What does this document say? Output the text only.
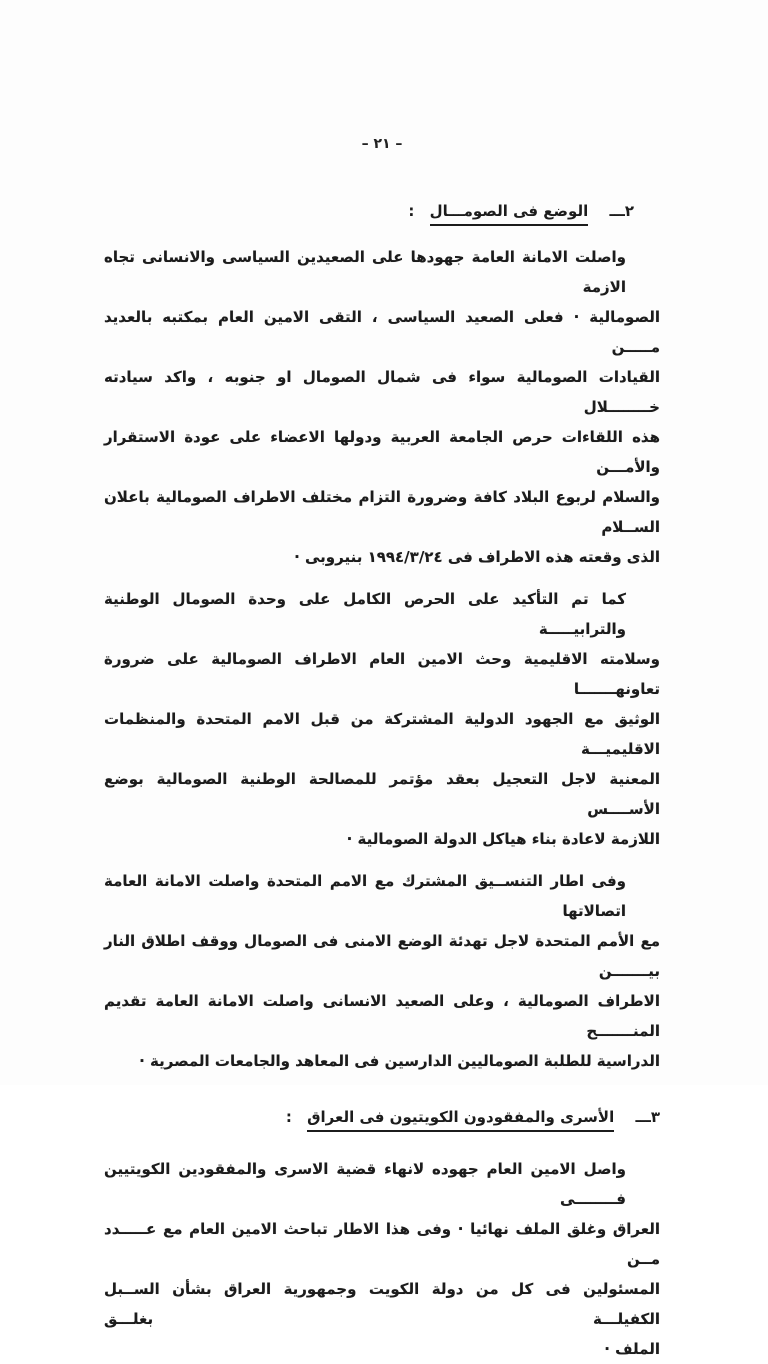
– ٢١ –
٢ـــ الوضع فى الصومـــال :
واصلت الامانة العامة جهودها على الصعيدين السياسى والانسانى تجاه الازمة
الصومالية · فعلى الصعيد السياسى ، التقى الامين العام بمكتبه بالعديد مـــــن
القيادات الصومالية سواء فى شمال الصومال او جنوبه ، واكد سيادته خــــــــلال
هذه اللقاءات حرص الجامعة العربية ودولها الاعضاء على عودة الاستقرار والأمـــن
والسلام لربوع البلاد كافة وضرورة التزام مختلف الاطراف الصومالية باعلان الســلام
الذى وقعته هذه الاطراف فى ١٩٩٤/٣/٢٤ بنيروبى ·
كما تم التأكيد على الحرص الكامل على وحدة الصومال الوطنية والترابيـــــة
وسلامته الاقليمية وحث الامين العام الاطراف الصومالية على ضرورة تعاونهـــــــا
الوثيق مع الجهود الدولية المشتركة من قبل الامم المتحدة والمنظمات الاقليميـــة
المعنية لاجل التعجيل بعقد مؤتمر للمصالحة الوطنية الصومالية بوضع الأســــس
اللازمة لاعادة بناء هياكل الدولة الصومالية ·
وفى اطار التنســيق المشترك مع الامم المتحدة واصلت الامانة العامة اتصالاتها
مع الأمم المتحدة لاجل تهدئة الوضع الامنى فى الصومال ووقف اطلاق النار بيـــــــن
الاطراف الصومالية ، وعلى الصعيد الانسانى واصلت الامانة العامة تقديم المنـــــــح
الدراسية للطلبة الصوماليين الدارسين فى المعاهد والجامعات المصرية ·
٣ـــ الأسرى والمفقودون الكويتيون فى العراق :
واصل الامين العام جهوده لانهاء قضية الاسرى والمفقودين الكويتيين فــــــــى
العراق وغلق الملف نهائيا · وفى هذا الاطار تباحث الامين العام مع عـــــدد مــن
المسئولين فى كل من دولة الكويت وجمهورية العراق بشأن الســبل الكفيلـــة بغلـــق
الملف ·
